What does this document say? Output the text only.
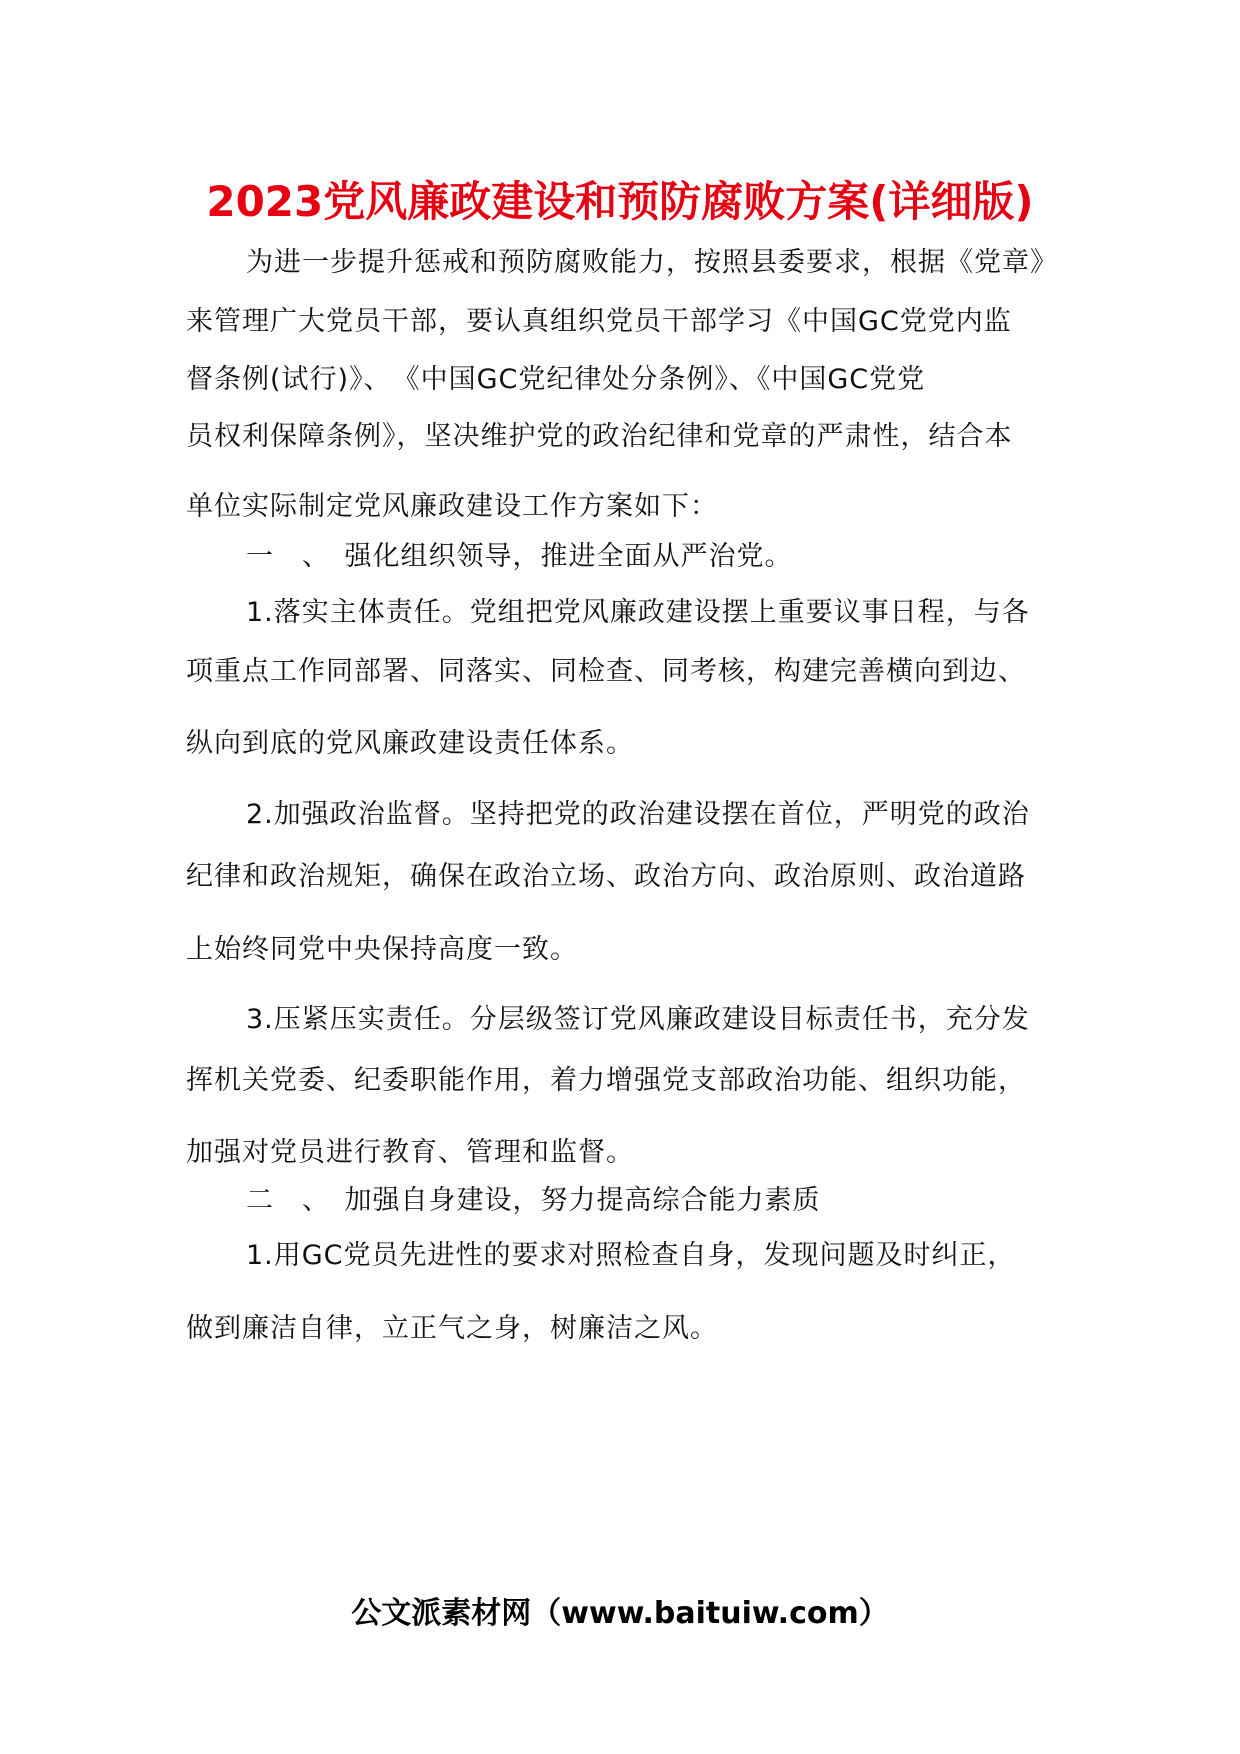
2023党风廉政建设和预防腐败方案(详细版)
为进一步提升惩戒和预防腐败能力，按照县委要求，根据《党章》
来管理广大党员干部，要认真组织党员干部学习《中国GC党党内监
督条例(试行)》、　《中国GC党纪律处分条例》、《中国GC党党
员权利保障条例》，坚决维护党的政治纪律和党章的严肃性，结合本
单位实际制定党风廉政建设工作方案如下：
一　、　强化组织领导，推进全面从严治党。
1.落实主体责任。党组把党风廉政建设摆上重要议事日程，与各
项重点工作同部署、同落实、同检查、同考核，构建完善横向到边、
纵向到底的党风廉政建设责任体系。
2.加强政治监督。坚持把党的政治建设摆在首位，严明党的政治
纪律和政治规矩，确保在政治立场、政治方向、政治原则、政治道路
上始终同党中央保持高度一致。
3.压紧压实责任。分层级签订党风廉政建设目标责任书，充分发
挥机关党委、纪委职能作用，着力增强党支部政治功能、组织功能，
加强对党员进行教育、管理和监督。
二　、　加强自身建设，努力提高综合能力素质
1.用GC党员先进性的要求对照检查自身，发现问题及时纠正，
做到廉洁自律，立正气之身，树廉洁之风。
公文派素材网（www.baituiw.com）
